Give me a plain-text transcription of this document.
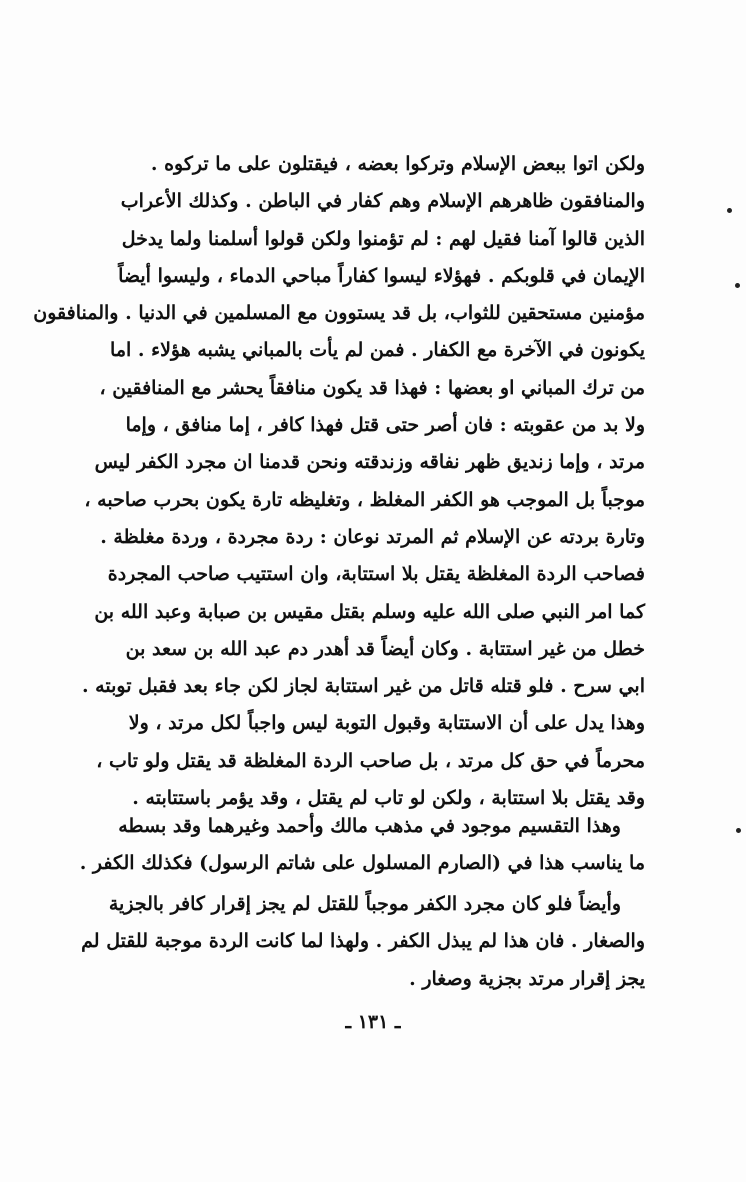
ولكن اتوا ببعض الإسلام وتركوا بعضه ، فيقتلون على ما تركوه .
والمنافقون ظاهرهم الإسلام وهم كفار في الباطن . وكذلك الأعراب
الذين قالوا آمنا فقيل لهم : لم تؤمنوا ولكن قولوا أسلمنا ولما يدخل
الإيمان في قلوبكم . فهؤلاء ليسوا كفاراً مباحي الدماء ، وليسوا أيضاً
مؤمنين مستحقين للثواب، بل قد يستوون مع المسلمين في الدنيا . والمنافقون
يكونون في الآخرة مع الكفار . فمن لم يأت بالمباني يشبه هؤلاء . اما
من ترك المباني او بعضها : فهذا قد يكون منافقاً يحشر مع المنافقين ،
ولا بد من عقوبته : فان أصر حتى قتل فهذا كافر ، إما منافق ، وإما
مرتد ، وإما زنديق ظهر نفاقه وزندقته ونحن قدمنا ان مجرد الكفر ليس
موجباً بل الموجب هو الكفر المغلظ ، وتغليظه تارة يكون بحرب صاحبه ،
وتارة بردته عن الإسلام ثم المرتد نوعان : ردة مجردة ، وردة مغلظة .
فصاحب الردة المغلظة يقتل بلا استتابة، وان استتيب صاحب المجردة
كما امر النبي صلى الله عليه وسلم بقتل مقيس بن صبابة وعبد الله بن
خطل من غير استتابة . وكان أيضاً قد أهدر دم عبد الله بن سعد بن
ابي سرح . فلو قتله قاتل من غير استتابة لجاز لكن جاء بعد فقبل توبته .
وهذا يدل على أن الاستتابة وقبول التوبة ليس واجباً لكل مرتد ، ولا
محرماً في حق كل مرتد ، بل صاحب الردة المغلظة قد يقتل ولو تاب ،
وقد يقتل بلا استتابة ، ولكن لو تاب لم يقتل ، وقد يؤمر باستتابته .
وهذا التقسيم موجود في مذهب مالك وأحمد وغيرهما وقد بسطه
ما يناسب هذا في (الصارم المسلول على شاتم الرسول) فكذلك الكفر .
وأيضاً فلو كان مجرد الكفر موجباً للقتل لم يجز إقرار كافر بالجزية
والصغار . فان هذا لم يبذل الكفر . ولهذا لما كانت الردة موجبة للقتل لم
يجز إقرار مرتد بجزية وصغار .
ـ ١٣١ ـ
